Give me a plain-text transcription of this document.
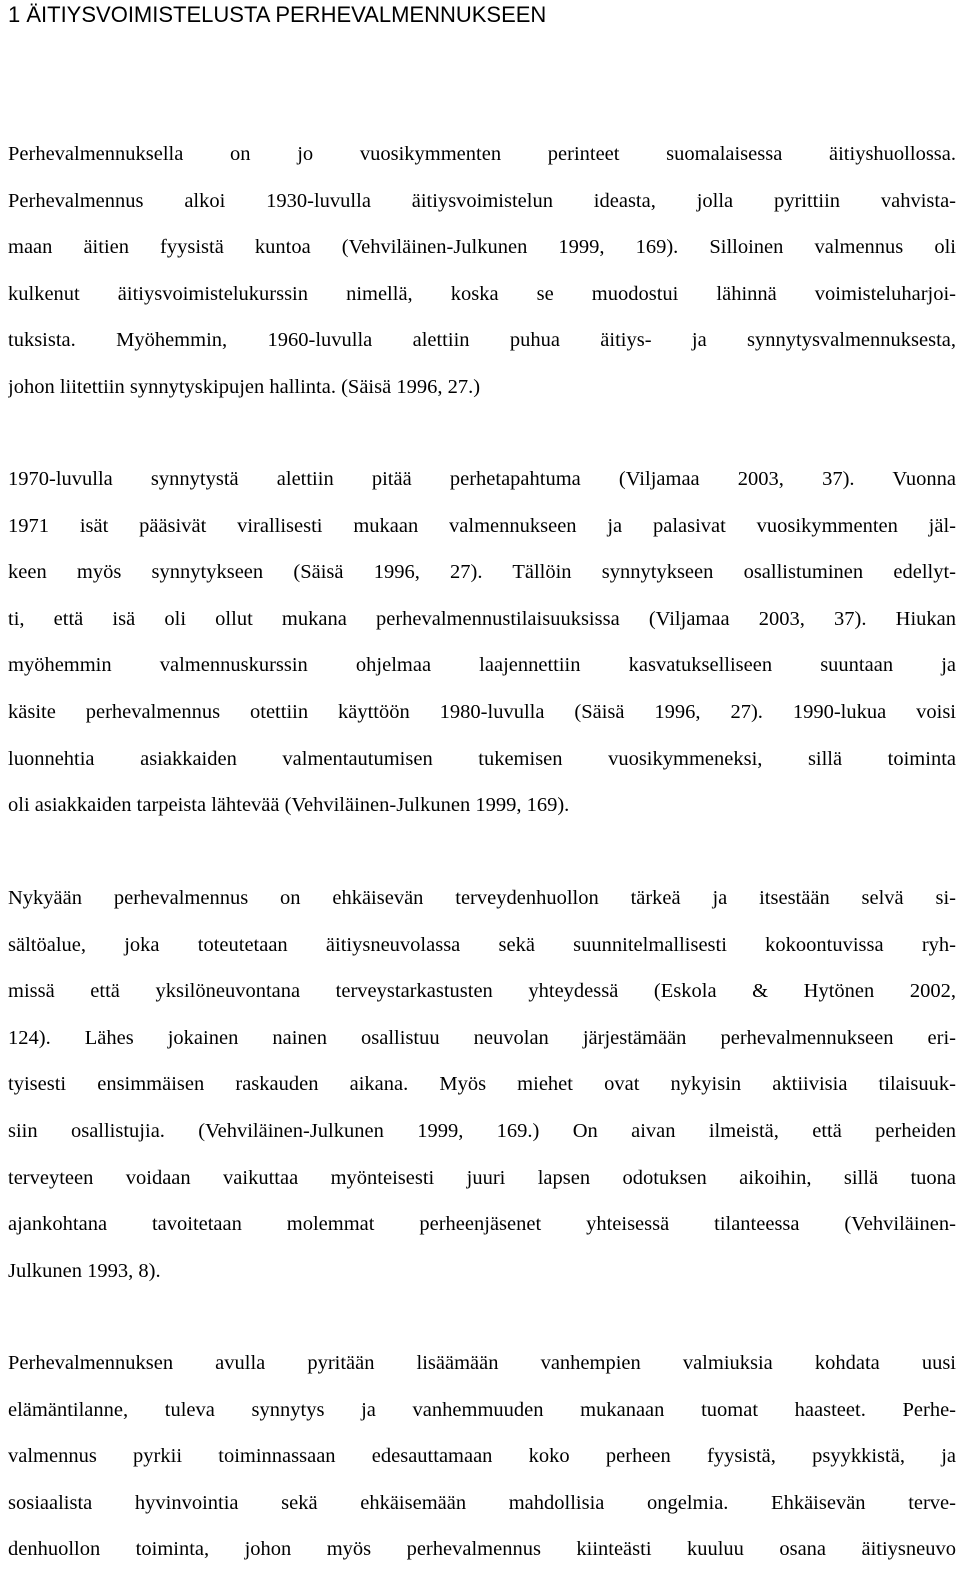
1 ÄITIYSVOIMISTELUSTA PERHEVALMENNUKSEEN
Perhevalmennuksella on jo vuosikymmenten perinteet suomalaisessa äitiyshuollossa.
Perhevalmennus alkoi 1930-luvulla äitiysvoimistelun ideasta, jolla pyrittiin vahvista-
maan äitien fyysistä kuntoa (Vehviläinen-Julkunen 1999, 169). Silloinen valmennus oli
kulkenut äitiysvoimistelukurssin nimellä, koska se muodostui lähinnä voimisteluharjoi-
tuksista. Myöhemmin, 1960-luvulla alettiin puhua äitiys- ja synnytysvalmennuksesta,
johon liitettiin synnytyskipujen hallinta. (Säisä 1996, 27.)
1970-luvulla synnytystä alettiin pitää perhetapahtuma (Viljamaa 2003, 37). Vuonna
1971 isät pääsivät virallisesti mukaan valmennukseen ja palasivat vuosikymmenten jäl-
keen myös synnytykseen (Säisä 1996, 27). Tällöin synnytykseen osallistuminen edellyt-
ti, että isä oli ollut mukana perhevalmennustilaisuuksissa (Viljamaa 2003, 37). Hiukan
myöhemmin valmennuskurssin ohjelmaa laajennettiin kasvatukselliseen suuntaan ja
käsite perhevalmennus otettiin käyttöön 1980-luvulla (Säisä 1996, 27). 1990-lukua voisi
luonnehtia asiakkaiden valmentautumisen tukemisen vuosikymmeneksi, sillä toiminta
oli asiakkaiden tarpeista lähtevää (Vehviläinen-Julkunen 1999, 169).
Nykyään perhevalmennus on ehkäisevän terveydenhuollon tärkeä ja itsestään selvä si-
sältöalue, joka toteutetaan äitiysneuvolassa sekä suunnitelmallisesti kokoontuvissa ryh-
missä että yksilöneuvontana terveystarkastusten yhteydessä (Eskola & Hytönen 2002,
124). Lähes jokainen nainen osallistuu neuvolan järjestämään perhevalmennukseen eri-
tyisesti ensimmäisen raskauden aikana. Myös miehet ovat nykyisin aktiivisia tilaisuuk-
siin osallistujia. (Vehviläinen-Julkunen 1999, 169.) On aivan ilmeistä, että perheiden
terveyteen voidaan vaikuttaa myönteisesti juuri lapsen odotuksen aikoihin, sillä tuona
ajankohtana tavoitetaan molemmat perheenjäsenet yhteisessä tilanteessa (Vehviläinen-
Julkunen 1993, 8).
Perhevalmennuksen avulla pyritään lisäämään vanhempien valmiuksia kohdata uusi
elämäntilanne, tuleva synnytys ja vanhemmuuden mukanaan tuomat haasteet. Perhe-
valmennus pyrkii toiminnassaan edesauttamaan koko perheen fyysistä, psyykkistä, ja
sosiaalista hyvinvointia sekä ehkäisemään mahdollisia ongelmia. Ehkäisevän terve-
denhuollon toiminta, johon myös perhevalmennus kiinteästi kuuluu osana äitiysneuvo
